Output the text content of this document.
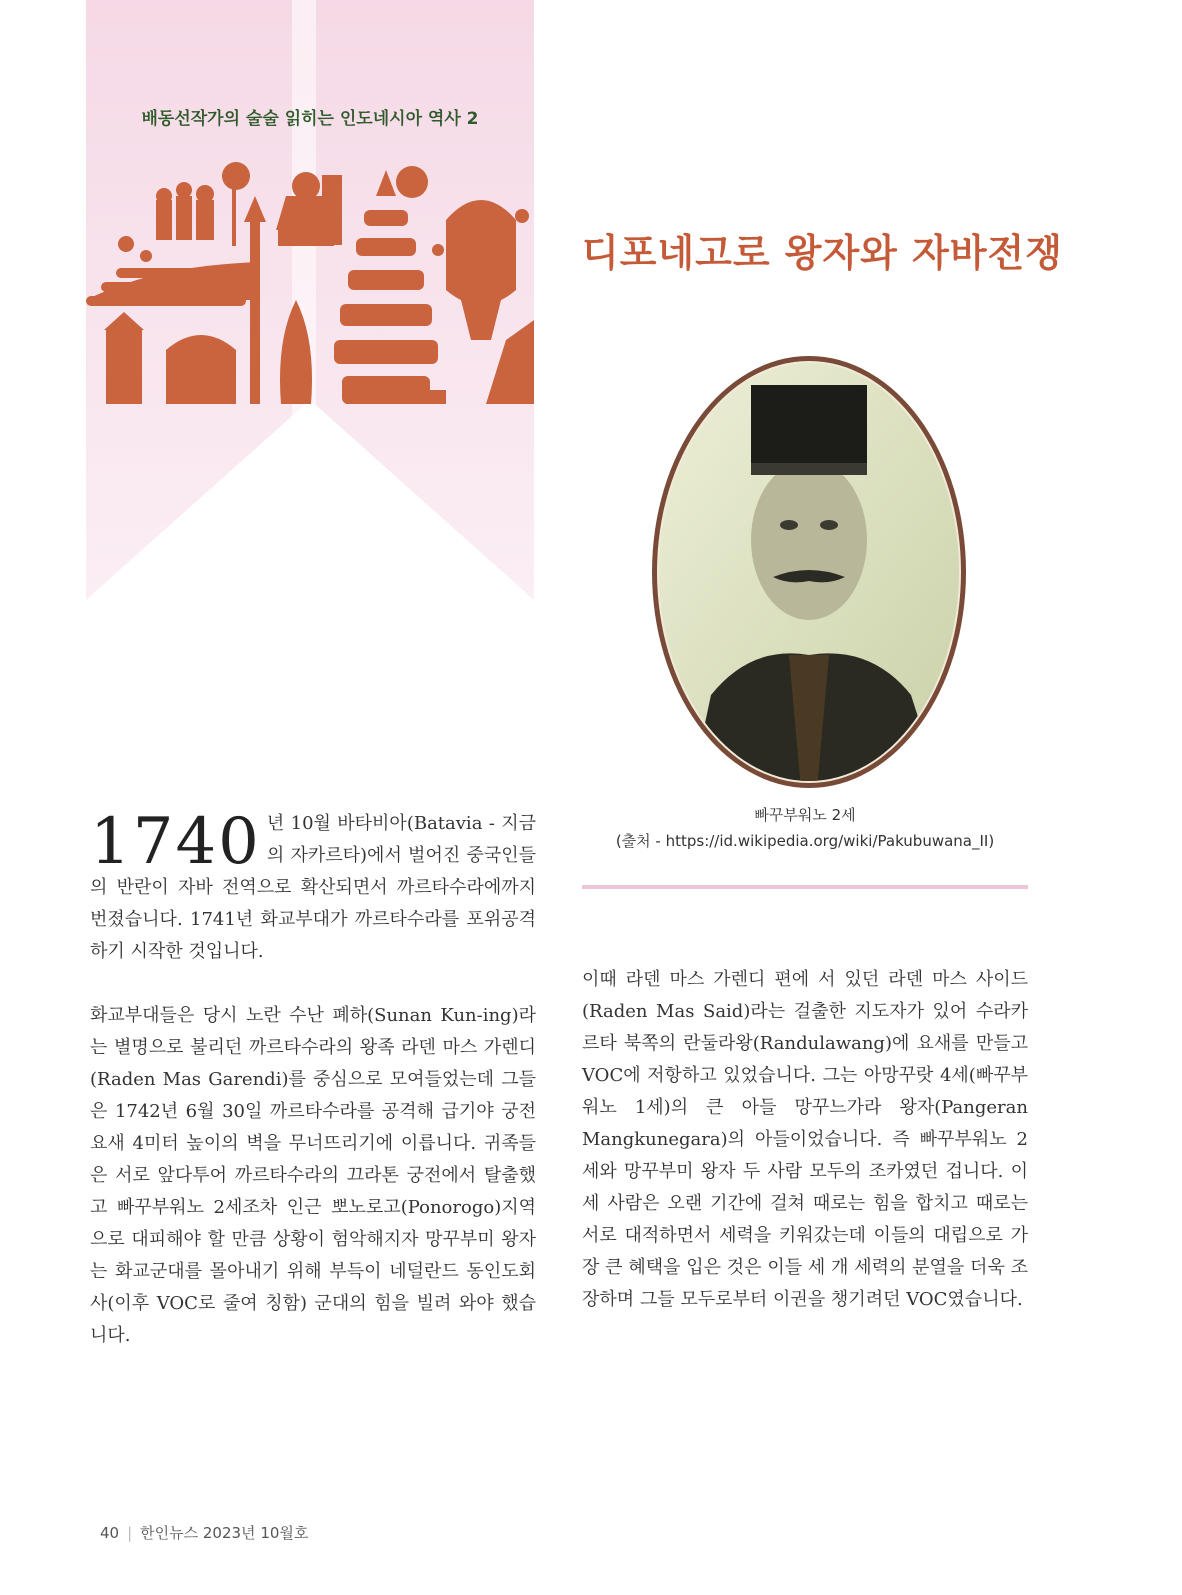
배동선작가의 술술 읽히는 인도네시아 역사 2
디포네고로 왕자와 자바전쟁
빠꾸부워노 2세
(출처 - https://id.wikipedia.org/wiki/Pakubuwana_II)

1740 년 10월 바타비아(Batavia - 지금의 자카르타)에서 벌어진 중국인들의 반란이 자바 전역으로 확산되면서 까르타수라에까지 번졌습니다. 1741년 화교부대가 까르타수라를 포위공격하기 시작한 것입니다.

화교부대들은 당시 노란 수난 폐하(Sunan Kun-ing)라는 별명으로 불리던 까르타수라의 왕족 라덴 마스 가렌디(Raden Mas Garendi)를 중심으로 모여들었는데 그들은 1742년 6월 30일 까르타수라를 공격해 급기야 궁전 요새 4미터 높이의 벽을 무너뜨리기에 이릅니다. 귀족들은 서로 앞다투어 까르타수라의 끄라톤 궁전에서 탈출했고 빠꾸부워노 2세조차 인근 뽀노로고(Ponorogo)지역으로 대피해야 할 만큼 상황이 험악해지자 망꾸부미 왕자는 화교군대를 몰아내기 위해 부득이 네덜란드 동인도회사(이후 VOC로 줄여 칭함) 군대의 힘을 빌려 와야 했습니다.

이때 라덴 마스 가렌디 편에 서 있던 라덴 마스 사이드(Raden Mas Said)라는 걸출한 지도자가 있어 수라카르타 북쪽의 란둘라왕(Randulawang)에 요새를 만들고 VOC에 저항하고 있었습니다. 그는 아망꾸랏 4세(빠꾸부워노 1세)의 큰 아들 망꾸느가라 왕자(Pangeran Mangkunegara)의 아들이었습니다. 즉 빠꾸부워노 2세와 망꾸부미 왕자 두 사람 모두의 조카였던 겁니다. 이 세 사람은 오랜 기간에 걸쳐 때로는 힘을 합치고 때로는 서로 대적하면서 세력을 키워갔는데 이들의 대립으로 가장 큰 혜택을 입은 것은 이들 세 개 세력의 분열을 더욱 조장하며 그들 모두로부터 이권을 챙기려던 VOC였습니다.

40 | 한인뉴스 2023년 10월호
